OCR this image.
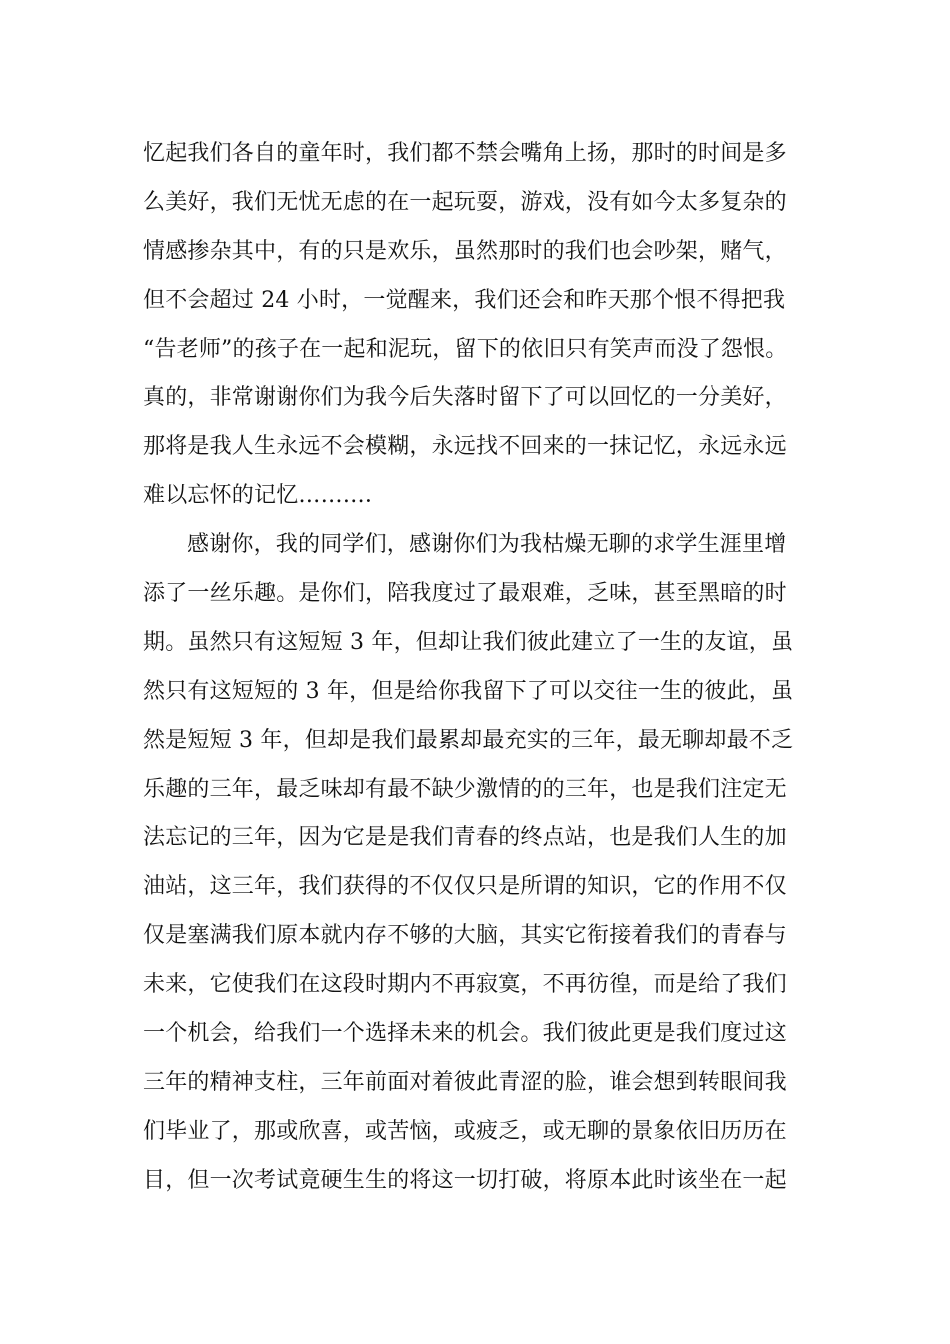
忆起我们各自的童年时，我们都不禁会嘴角上扬，那时的时间是多
么美好，我们无忧无虑的在一起玩耍，游戏，没有如今太多复杂的
情感掺杂其中，有的只是欢乐，虽然那时的我们也会吵架，赌气，
但不会超过 24 小时，一觉醒来，我们还会和昨天那个恨不得把我
“告老师”的孩子在一起和泥玩，留下的依旧只有笑声而没了怨恨。
真的，非常谢谢你们为我今后失落时留下了可以回忆的一分美好，
那将是我人生永远不会模糊，永远找不回来的一抹记忆，永远永远
难以忘怀的记忆………．
感谢你，我的同学们，感谢你们为我枯燥无聊的求学生涯里增
添了一丝乐趣。是你们，陪我度过了最艰难，乏味，甚至黑暗的时
期。虽然只有这短短 3 年，但却让我们彼此建立了一生的友谊，虽
然只有这短短的 3 年，但是给你我留下了可以交往一生的彼此，虽
然是短短 3 年，但却是我们最累却最充实的三年，最无聊却最不乏
乐趣的三年，最乏味却有最不缺少激情的的三年，也是我们注定无
法忘记的三年，因为它是是我们青春的终点站，也是我们人生的加
油站，这三年，我们获得的不仅仅只是所谓的知识，它的作用不仅
仅是塞满我们原本就内存不够的大脑，其实它衔接着我们的青春与
未来，它使我们在这段时期内不再寂寞，不再彷徨，而是给了我们
一个机会，给我们一个选择未来的机会。我们彼此更是我们度过这
三年的精神支柱，三年前面对着彼此青涩的脸，谁会想到转眼间我
们毕业了，那或欣喜，或苦恼，或疲乏，或无聊的景象依旧历历在
目，但一次考试竟硬生生的将这一切打破，将原本此时该坐在一起
